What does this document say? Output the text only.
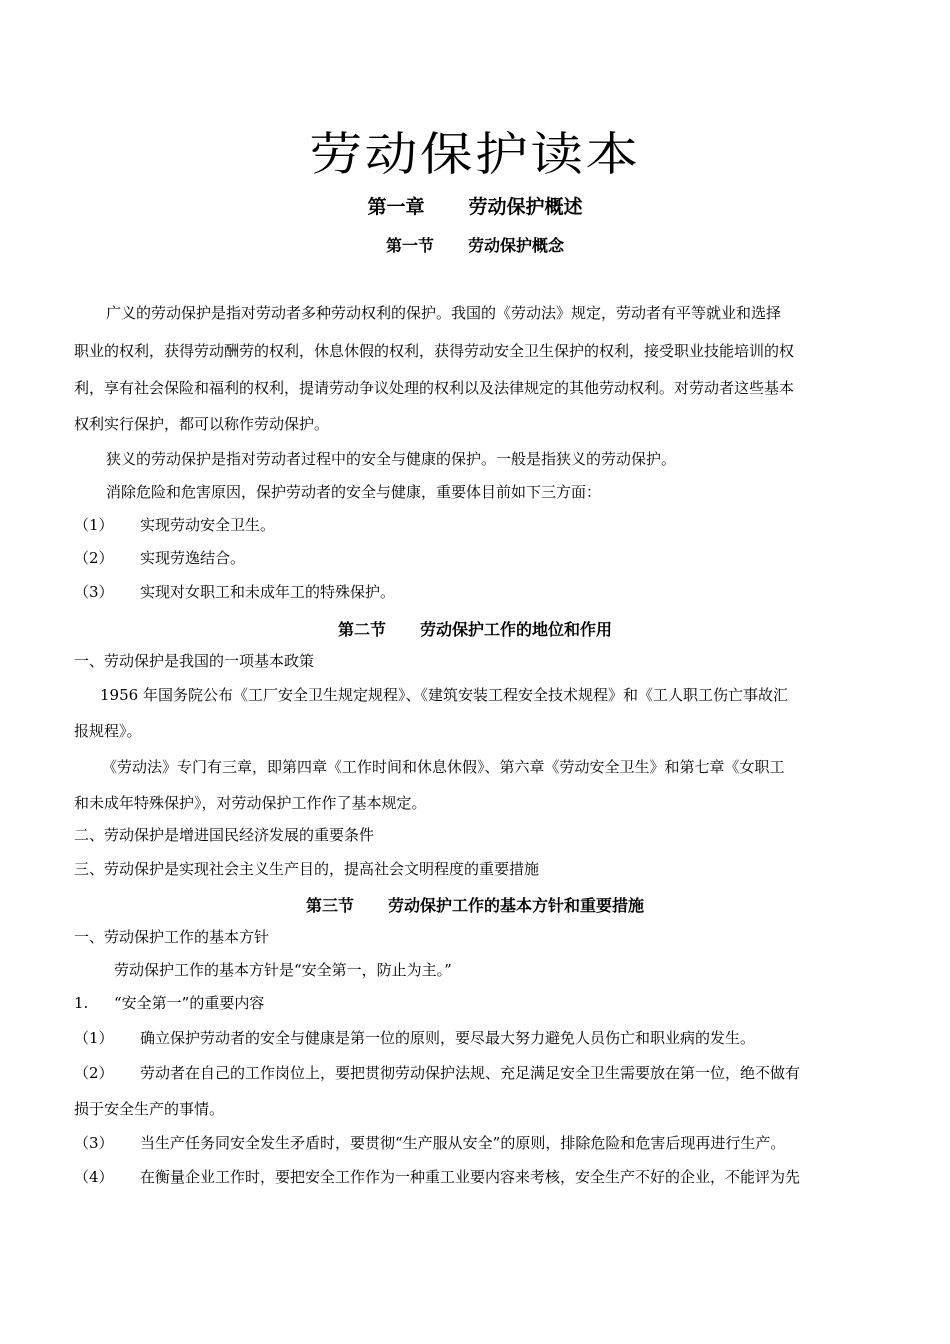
劳动保护读本
第一章 劳动保护概述
第一节 劳动保护概念
广义的劳动保护是指对劳动者多种劳动权利的保护。我国的《劳动法》规定，劳动者有平等就业和选择
职业的权利，获得劳动酬劳的权利，休息休假的权利，获得劳动安全卫生保护的权利，接受职业技能培训的权
利，享有社会保险和福利的权利，提请劳动争议处理的权利以及法律规定的其他劳动权利。对劳动者这些基本
权利实行保护，都可以称作劳动保护。
狭义的劳动保护是指对劳动者过程中的安全与健康的保护。一般是指狭义的劳动保护。
消除危险和危害原因，保护劳动者的安全与健康，重要体目前如下三方面：
（1） 实现劳动安全卫生。
（2） 实现劳逸结合。
（3） 实现对女职工和未成年工的特殊保护。
第二节 劳动保护工作的地位和作用
一、劳动保护是我国的一项基本政策
1956 年国务院公布《工厂安全卫生规定规程》、《建筑安装工程安全技术规程》和《工人职工伤亡事故汇
报规程》。
《劳动法》专门有三章，即第四章《工作时间和休息休假》、第六章《劳动安全卫生》和第七章《女职工
和未成年特殊保护》，对劳动保护工作作了基本规定。
二、劳动保护是增进国民经济发展的重要条件
三、劳动保护是实现社会主义生产目的，提高社会文明程度的重要措施
第三节 劳动保护工作的基本方针和重要措施
一、劳动保护工作的基本方针
劳动保护工作的基本方针是“安全第一，防止为主。”
1. “安全第一”的重要内容
（1） 确立保护劳动者的安全与健康是第一位的原则，要尽最大努力避免人员伤亡和职业病的发生。
（2） 劳动者在自己的工作岗位上，要把贯彻劳动保护法规、充足满足安全卫生需要放在第一位，绝不做有
损于安全生产的事情。
（3） 当生产任务同安全发生矛盾时，要贯彻“生产服从安全”的原则，排除危险和危害后现再进行生产。
（4） 在衡量企业工作时，要把安全工作作为一种重工业要内容来考核，安全生产不好的企业，不能评为先
